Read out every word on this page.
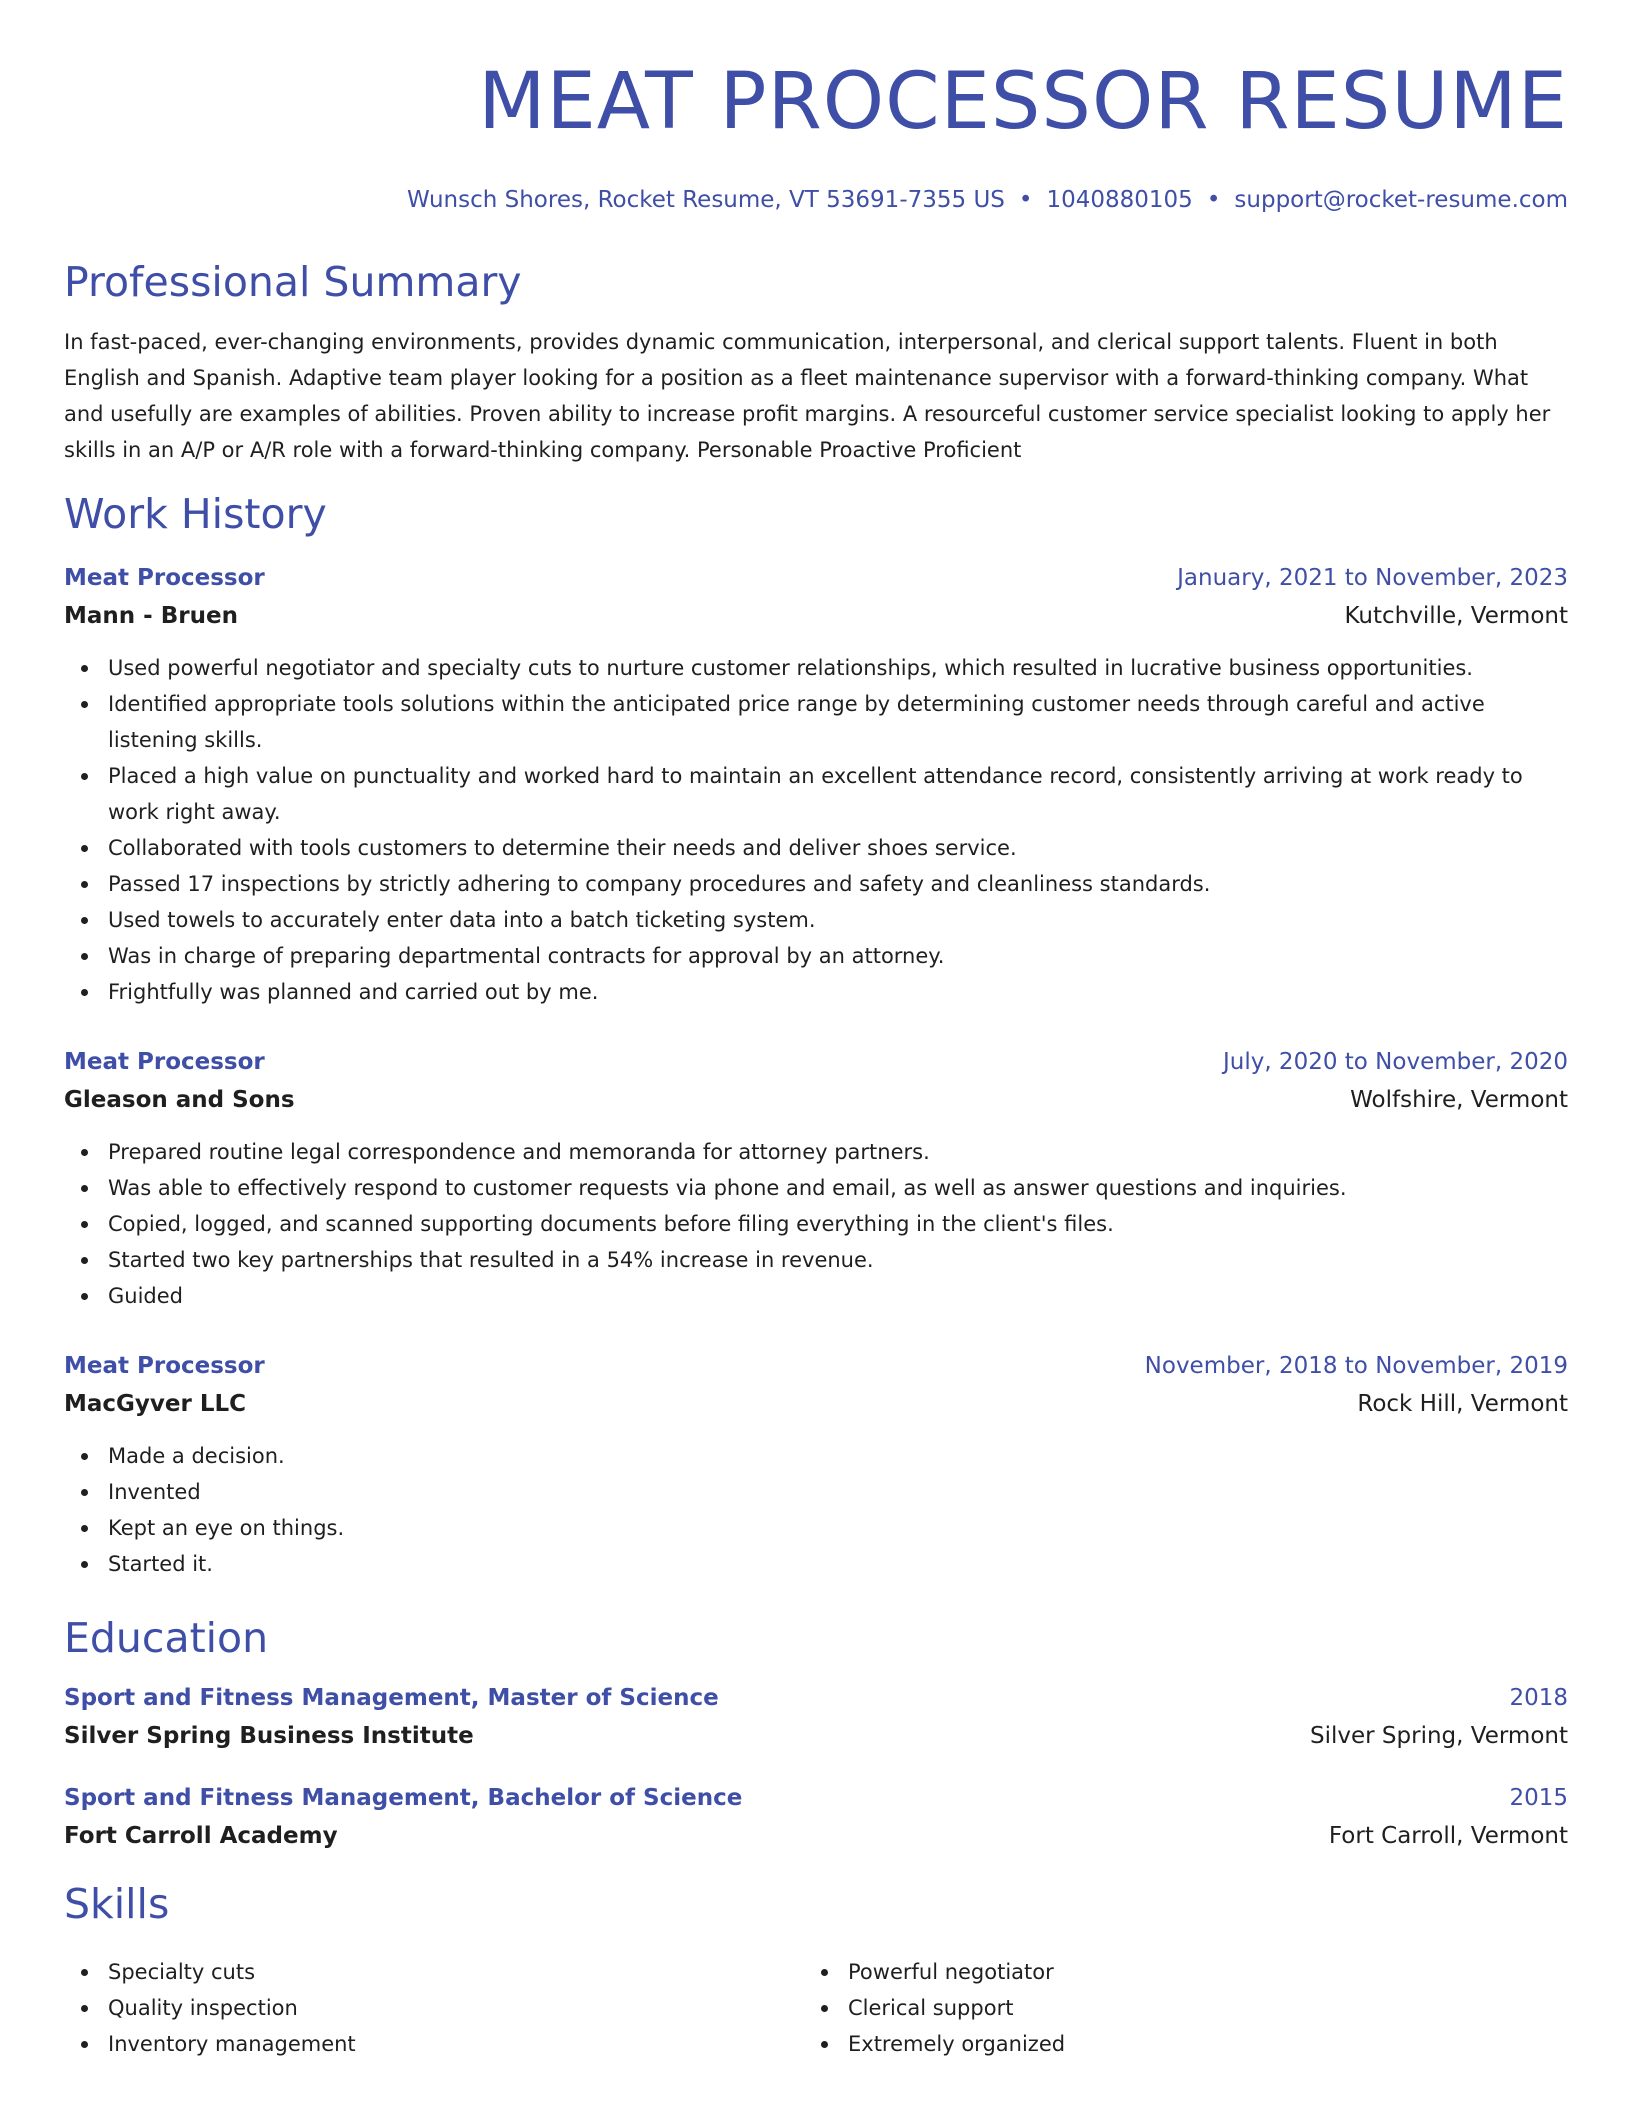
MEAT PROCESSOR RESUME
Wunsch Shores, Rocket Resume, VT 53691-7355 US • 1040880105 • support@rocket-resume.com
Professional Summary

In fast-paced, ever-changing environments, provides dynamic communication, interpersonal, and clerical support talents. Fluent in both English and Spanish. Adaptive team player looking for a position as a fleet maintenance supervisor with a forward-thinking company. What and usefully are examples of abilities. Proven ability to increase profit margins. A resourceful customer service specialist looking to apply her skills in an A/P or A/R role with a forward-thinking company. Personable Proactive Proficient

Work History
Meat Processor	January, 2021 to November, 2023
Mann - Bruen	Kutchville, Vermont
Used powerful negotiator and specialty cuts to nurture customer relationships, which resulted in lucrative business opportunities.
Identified appropriate tools solutions within the anticipated price range by determining customer needs through careful and active listening skills.
Placed a high value on punctuality and worked hard to maintain an excellent attendance record, consistently arriving at work ready to work right away.
Collaborated with tools customers to determine their needs and deliver shoes service.
Passed 17 inspections by strictly adhering to company procedures and safety and cleanliness standards.
Used towels to accurately enter data into a batch ticketing system.
Was in charge of preparing departmental contracts for approval by an attorney.
Frightfully was planned and carried out by me.
Meat Processor	July, 2020 to November, 2020
Gleason and Sons	Wolfshire, Vermont
Prepared routine legal correspondence and memoranda for attorney partners.
Was able to effectively respond to customer requests via phone and email, as well as answer questions and inquiries.
Copied, logged, and scanned supporting documents before filing everything in the client's files.
Started two key partnerships that resulted in a 54% increase in revenue.
Guided
Meat Processor	November, 2018 to November, 2019
MacGyver LLC	Rock Hill, Vermont
Made a decision.
Invented
Kept an eye on things.
Started it.
Education
Sport and Fitness Management, Master of Science	2018
Silver Spring Business Institute	Silver Spring, Vermont
Sport and Fitness Management, Bachelor of Science	2015
Fort Carroll Academy	Fort Carroll, Vermont
Skills
Specialty cuts
Quality inspection
Inventory management
Powerful negotiator
Clerical support
Extremely organized
